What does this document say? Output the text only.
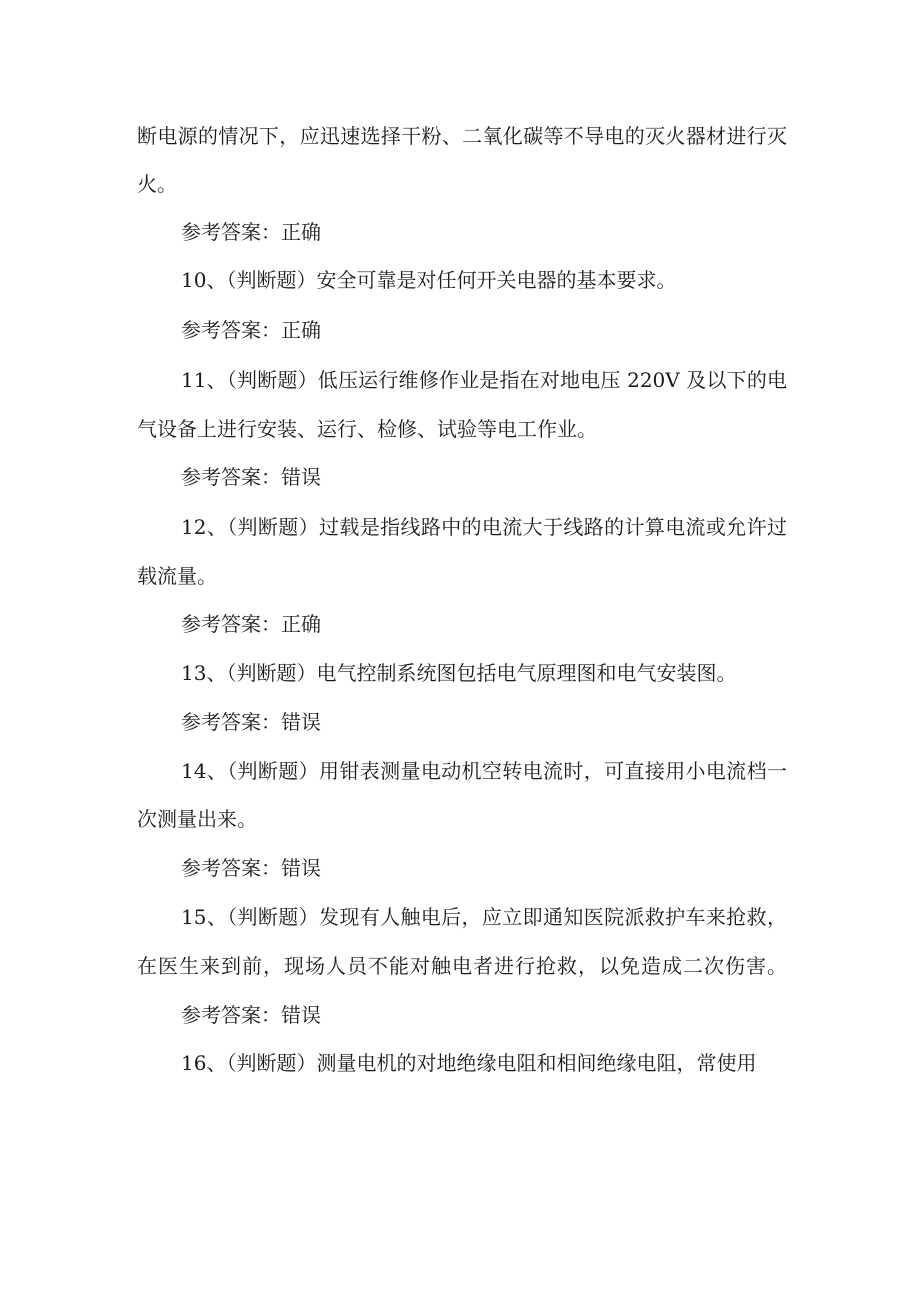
断电源的情况下，应迅速选择干粉、二氧化碳等不导电的灭火器材进行灭
火。
参考答案：正确
10、（判断题）安全可靠是对任何开关电器的基本要求。
参考答案：正确
11、（判断题）低压运行维修作业是指在对地电压 220V 及以下的电
气设备上进行安装、运行、检修、试验等电工作业。
参考答案：错误
12、（判断题）过载是指线路中的电流大于线路的计算电流或允许过
载流量。
参考答案：正确
13、（判断题）电气控制系统图包括电气原理图和电气安装图。
参考答案：错误
14、（判断题）用钳表测量电动机空转电流时，可直接用小电流档一
次测量出来。
参考答案：错误
15、（判断题）发现有人触电后，应立即通知医院派救护车来抢救，
在医生来到前，现场人员不能对触电者进行抢救，以免造成二次伤害。
参考答案：错误
16、（判断题）测量电机的对地绝缘电阻和相间绝缘电阻，常使用
